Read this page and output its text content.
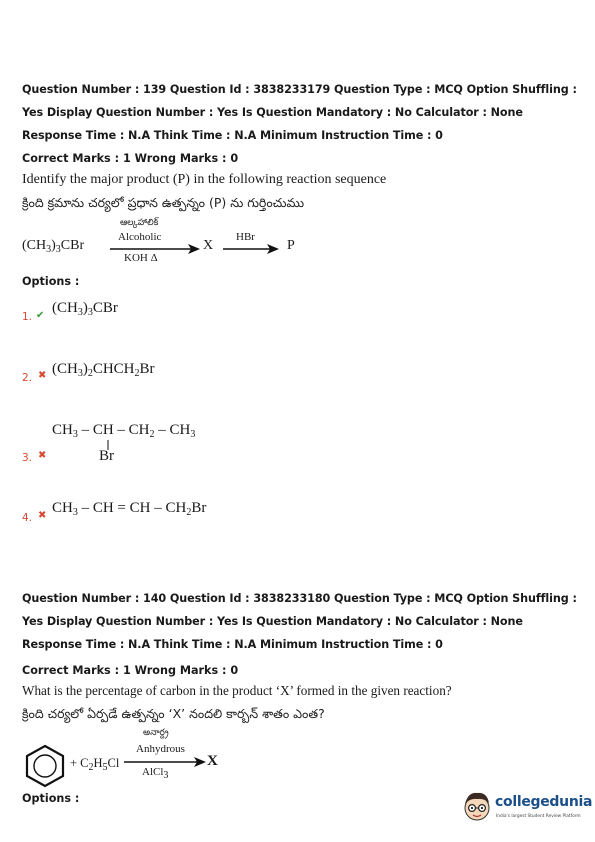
Question Number : 139 Question Id : 3838233179 Question Type : MCQ Option Shuffling : Yes Display Question Number : Yes Is Question Mandatory : No Calculator : None Response Time : N.A Think Time : N.A Minimum Instruction Time : 0
Correct Marks : 1 Wrong Marks : 0
Identify the major product (P) in the following reaction sequence
క్రింది క్రమాను చర్యలో ప్రధాన ఉత్పన్నం (P) ను గుర్తించుము
$(CH_3)_3CBr$
ఆల్కహాలిక్
Alcoholic
KOH Δ
X
HBr
P
Options :
1. ✔ $(CH_3)_3CBr$
2. ✖ $(CH_3)_2CHCH_2Br$
3. ✖
$CH_3$ – CH – $CH_2 - CH_3$
Br
4. ✖ $CH_3$ – CH = CH – $CH_2Br$
Question Number : 140 Question Id : 3838233180 Question Type : MCQ Option Shuffling : Yes Display Question Number : Yes Is Question Mandatory : No Calculator : None Response Time : N.A Think Time : N.A Minimum Instruction Time : 0
Correct Marks : 1 Wrong Marks : 0
What is the percentage of carbon in the product ‘X’ formed in the given reaction?
క్రింది చర్యలో ఏర్పడే ఉత్పన్నం ‘X’ నందలి కార్బన్ శాతం ఎంత?
+ $C_2H_5Cl$
అనార్ద్ర
Anhydrous
AlCl$_3$
X
Options :	collegedunia
India's largest Student Review Platform
